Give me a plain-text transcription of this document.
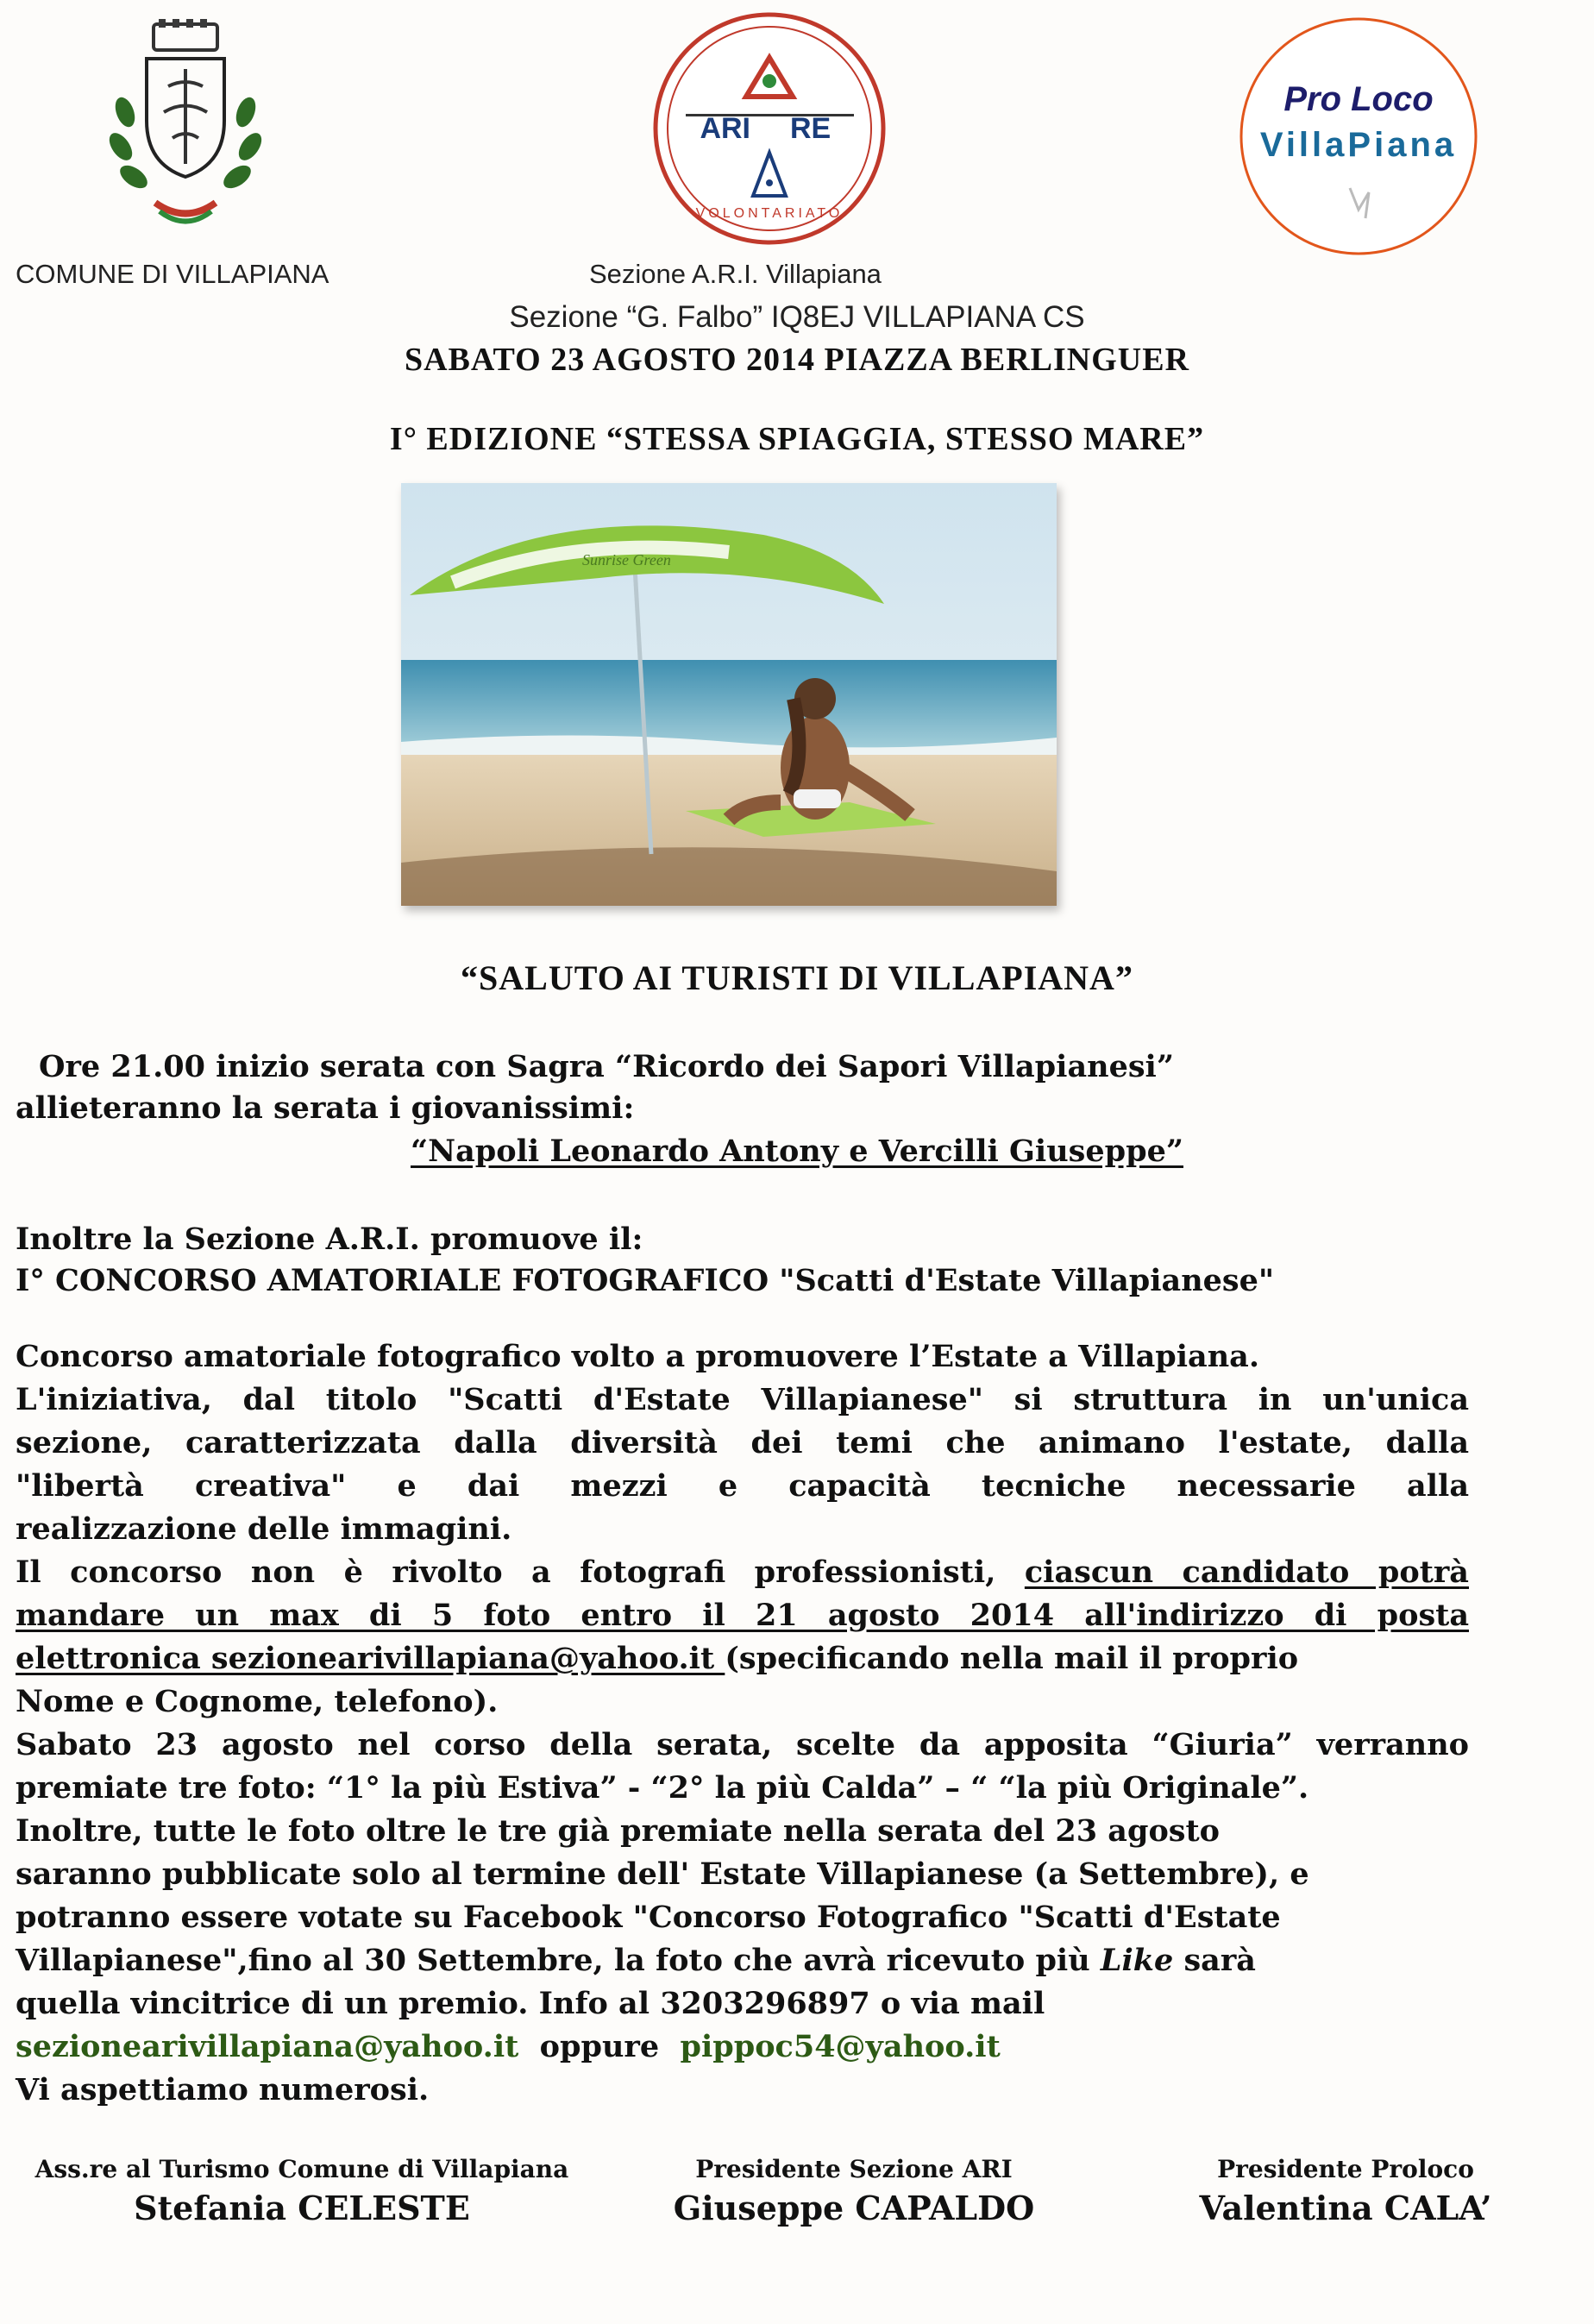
COMUNE DI VILLAPIANA
ARI RE
VOLONTARIATO
Sezione A.R.I. Villapiana
Pro Loco
VillaPiana
Sezione “G. Falbo” IQ8EJ VILLAPIANA CS
SABATO 23 AGOSTO 2014 PIAZZA BERLINGUER
I° EDIZIONE “STESSA SPIAGGIA, STESSO MARE”
Sunrise Green
“SALUTO AI TURISTI DI VILLAPIANA”
Ore 21.00 inizio serata con Sagra “Ricordo dei Sapori Villapianesi”
allieteranno la serata i giovanissimi:
“Napoli Leonardo Antony e Vercilli Giuseppe”
Inoltre la Sezione A.R.I. promuove il:
I° CONCORSO AMATORIALE FOTOGRAFICO "Scatti d'Estate Villapianese"
Concorso amatoriale fotografico volto a promuovere l’Estate a Villapiana.
L'iniziativa, dal titolo "Scatti d'Estate Villapianese" si struttura in un'unica
sezione, caratterizzata dalla diversità dei temi che animano l'estate, dalla
"libertà creativa" e dai mezzi e capacità tecniche necessarie alla
realizzazione delle immagini.
Il concorso non è rivolto a fotografi professionisti, ciascun candidato potrà
mandare un max di 5 foto entro il 21 agosto 2014 all'indirizzo di posta
elettronica sezionearivillapiana@yahoo.it (specificando nella mail il proprio
Nome e Cognome, telefono).
Sabato 23 agosto nel corso della serata, scelte da apposita “Giuria” verranno
premiate tre foto: “1° la più Estiva” - “2° la più Calda” – “ “la più Originale”.
Inoltre, tutte le foto oltre le tre già premiate nella serata del 23 agosto
saranno pubblicate solo al termine dell' Estate Villapianese (a Settembre), e
potranno essere votate su Facebook "Concorso Fotografico "Scatti d'Estate
Villapianese",fino al 30 Settembre, la foto che avrà ricevuto più Like sarà
quella vincitrice di un premio. Info al 3203296897 o via mail
sezionearivillapiana@yahoo.it oppure pippoc54@yahoo.it
Vi aspettiamo numerosi.
Ass.re al Turismo Comune di Villapiana
Stefania CELESTE
Presidente Sezione ARI
Giuseppe CAPALDO
Presidente Proloco
Valentina CALA’
